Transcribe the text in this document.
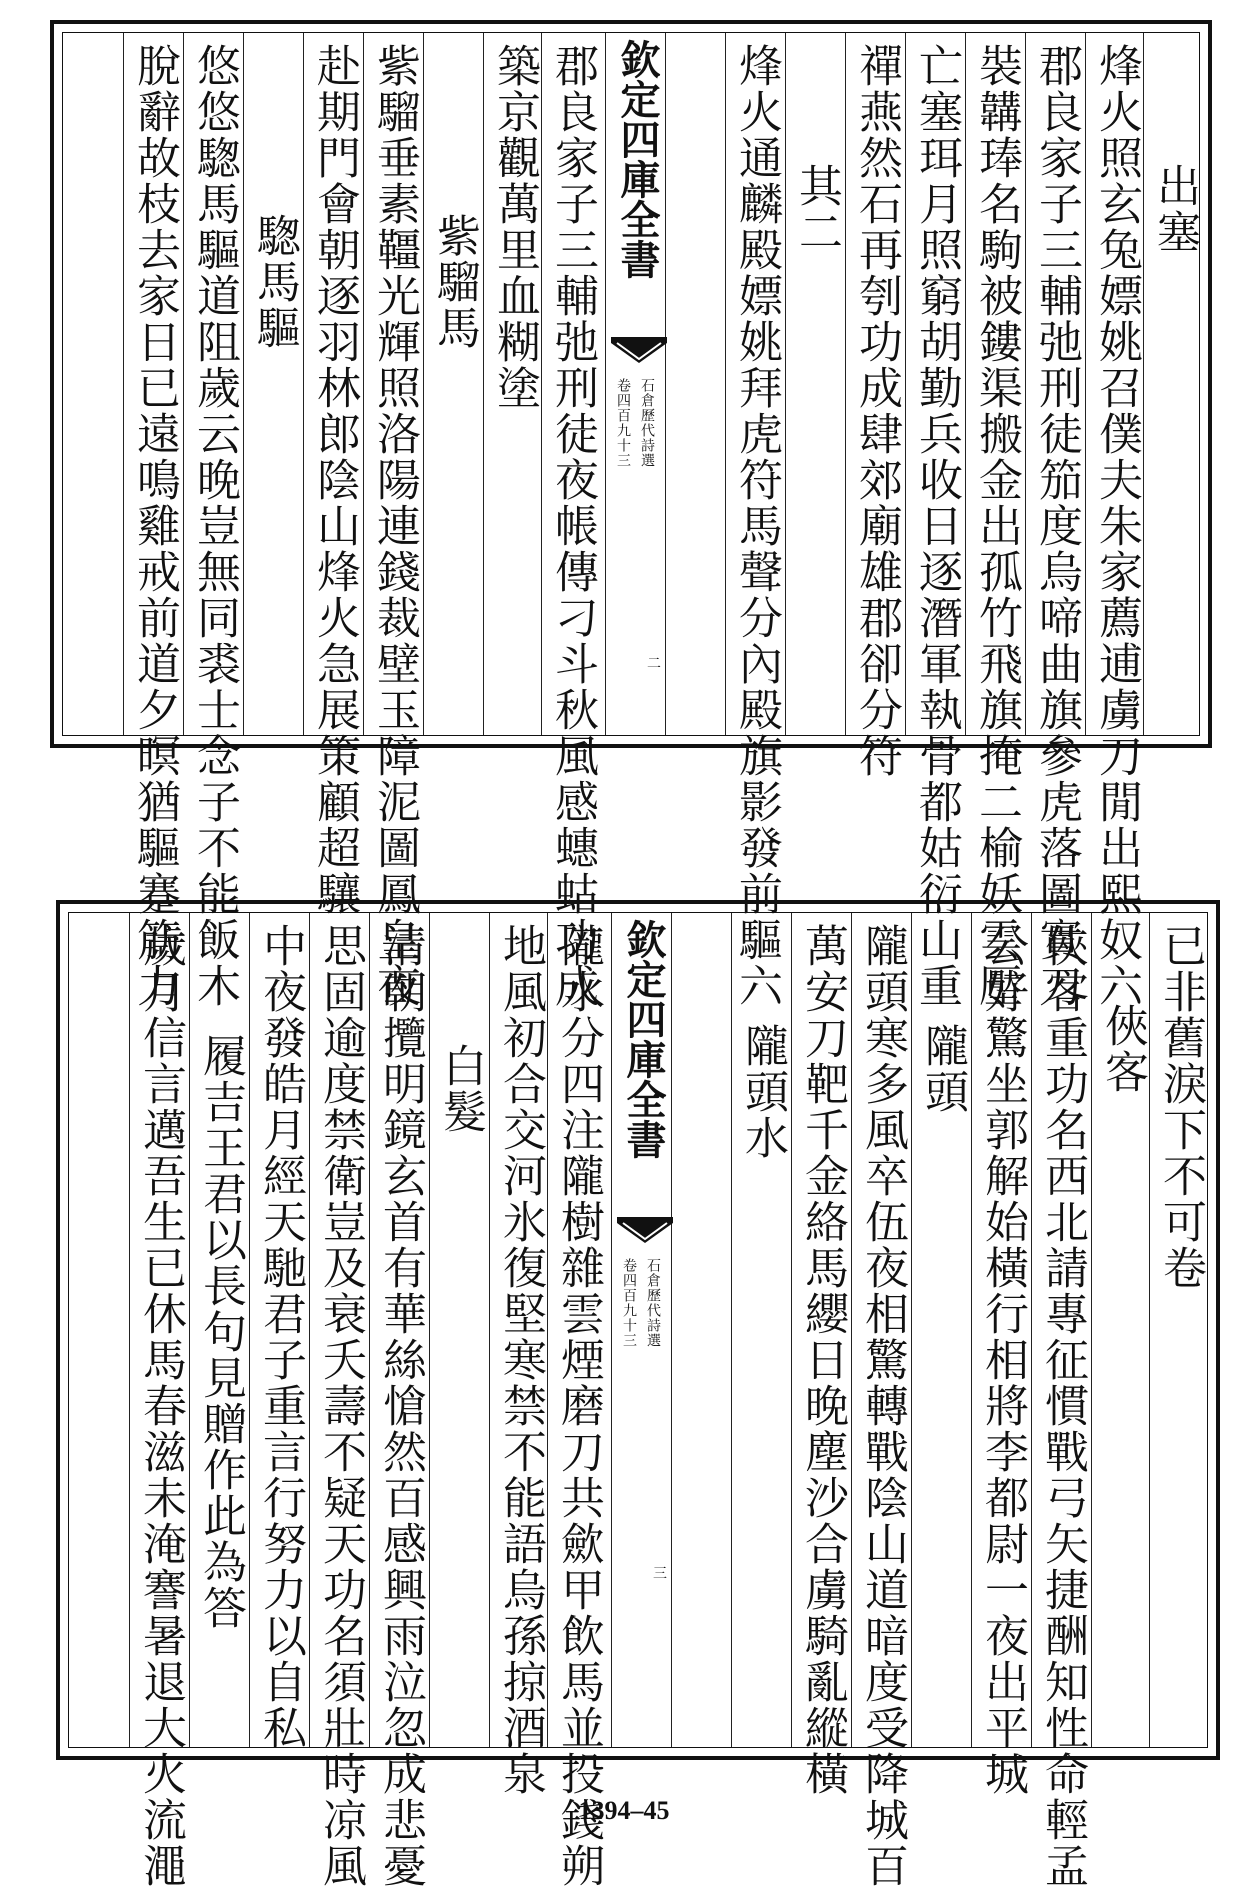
出塞
烽火照玄兔嫖姚召僕夫朱家薦逋虜刀閒出熙奴六
郡良家子三輔弛刑徒笳度烏啼曲旗參虎落圖實刀
裝韝琫名駒被鏤渠搬金出孤竹飛旗掩二榆妖雲壓
亡塞珥月照窮胡勤兵收日逐潛軍執骨都姑衍山重
禪燕然石再刳功成肆郊廟雄郡卻分符
其二
烽火通麟殿嫖姚拜虎符馬聲分內殿旗影發前驅六
欽定四庫全書
石倉歷代詩選
卷四百九十三
二
郡良家子三輔弛刑徒夜帳傳刁斗秋風感蟪蛄功成
築京觀萬里血糊塗
紫騮馬
紫騮垂素韁光輝照洛陽連錢裁壁玉障泥圖鳳皇夜
赴期門會朝逐羽林郎陰山烽火急展策顧超驤
騘馬驅
悠悠騘馬驅道阻歲云晚豈無同裘士念子不能飯木
脫辭故枝去家日已遠鳴雞戒前道夕暝猶驅蹇筋力
已非舊淚下不可卷
俠客
俠客重功名西北請專征慣戰弓矢捷酬知性命輕孟
公好驚坐郭解始橫行相將李都尉一夜出平城
隴頭
隴頭寒多風卒伍夜相驚轉戰陰山道暗度受降城百
萬安刀靶千金絡馬纓日晚塵沙合虜騎亂縱橫
隴頭水
欽定四庫全書
石倉歷代詩選
卷四百九十三
三
隴水分四注隴樹雜雲煙磨刀共歛甲飲馬並投錢朔
地風初合交河氷復堅寒禁不能語烏孫掠酒泉
白髮
清朝攬明鏡玄首有華絲愴然百感興雨泣忽成悲憂
思固逾度禁衛豈及衰夭壽不疑天功名須壯時凉風
中夜發皓月經天馳君子重言行努力以自私
履吉王君以長句見贈作此為答
歲月信言邁吾生已休馬春滋未淹謇暑退大火流澠	1394–45
